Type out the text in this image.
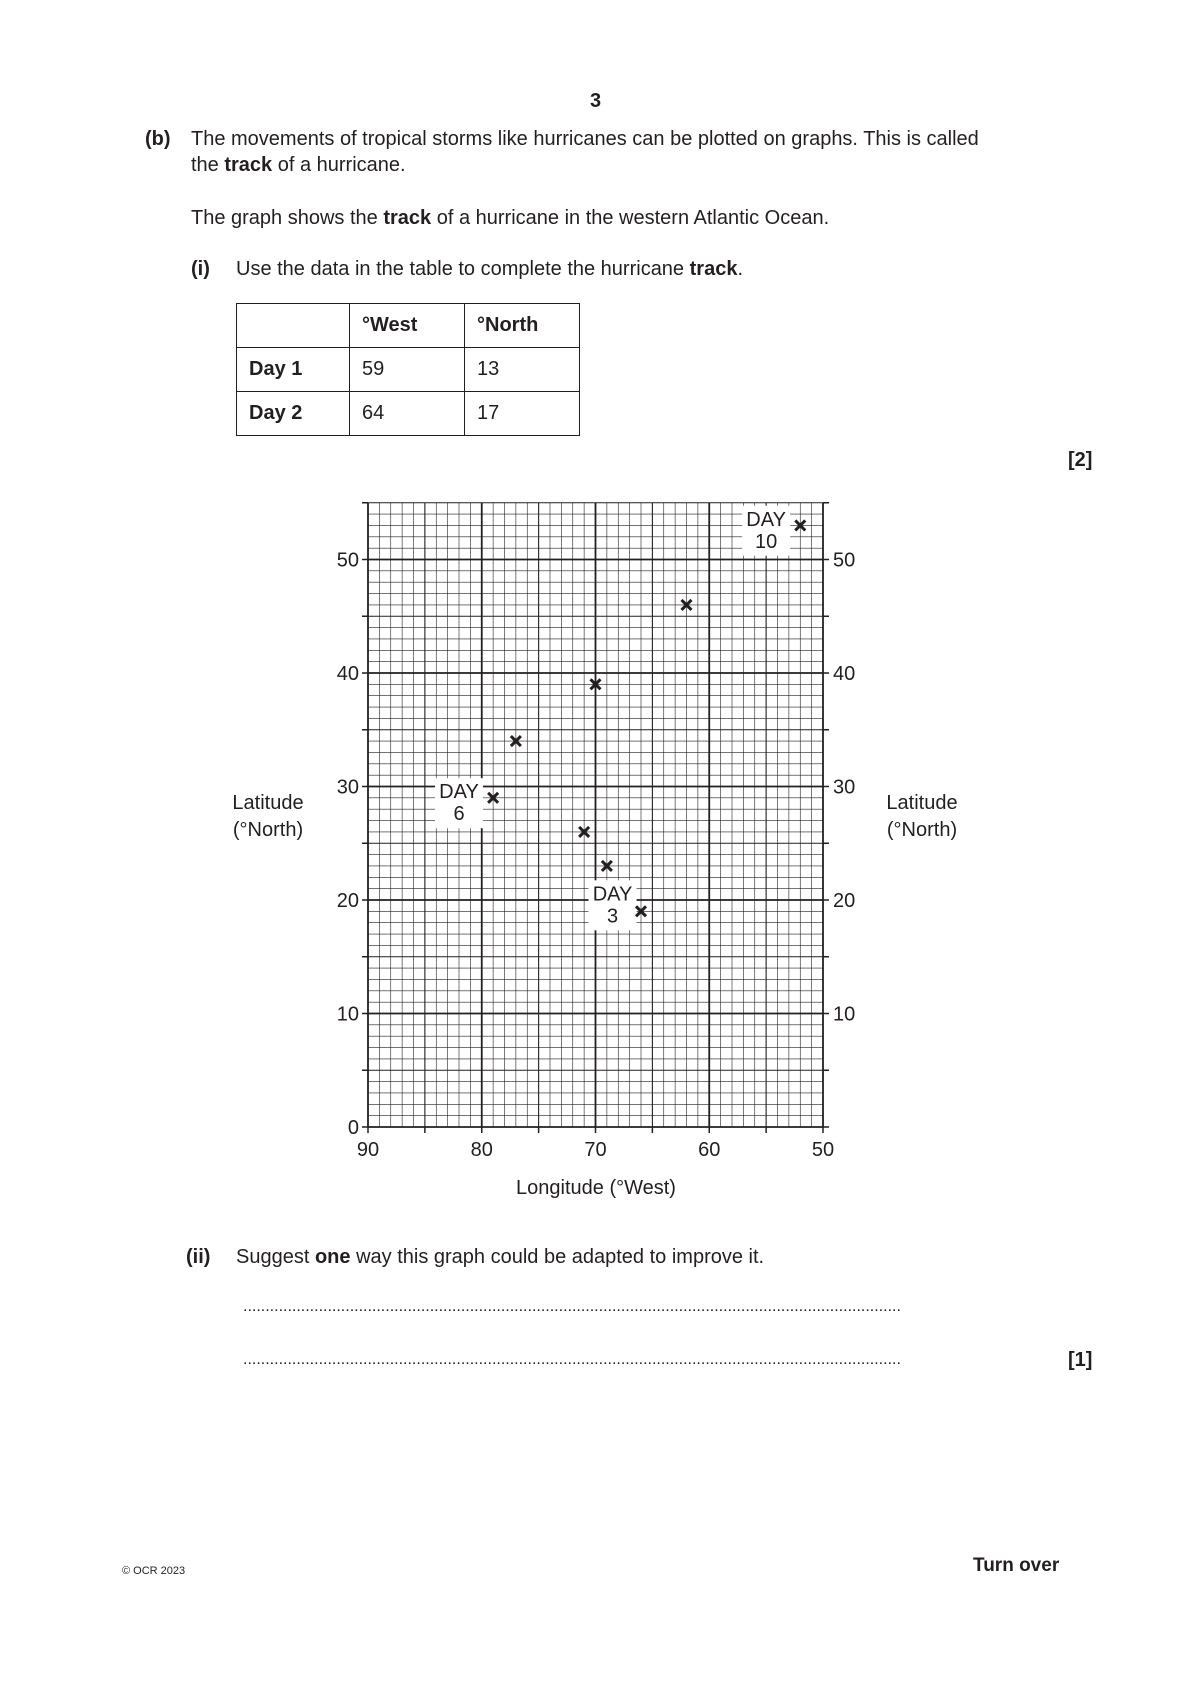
3
(b) The movements of tropical storms like hurricanes can be plotted on graphs. This is called
the track of a hurricane.
The graph shows the track of a hurricane in the western Atlantic Ocean.
(i) Use the data in the table to complete the hurricane track.
	°West	°North
Day 1	59	13
Day 2	64	17
[2]
0
10
20
30
40
50
10
20
30
40
50
90	80	70	60	50
DAY
3
DAY
6
DAY
10
Latitude
(°North)
Latitude
(°North)
Longitude (°West)
(ii) Suggest one way this graph could be adapted to improve it.
....................................................................................................................................................
....................................................................................................................................................	[1]
© OCR 2023	Turn over
